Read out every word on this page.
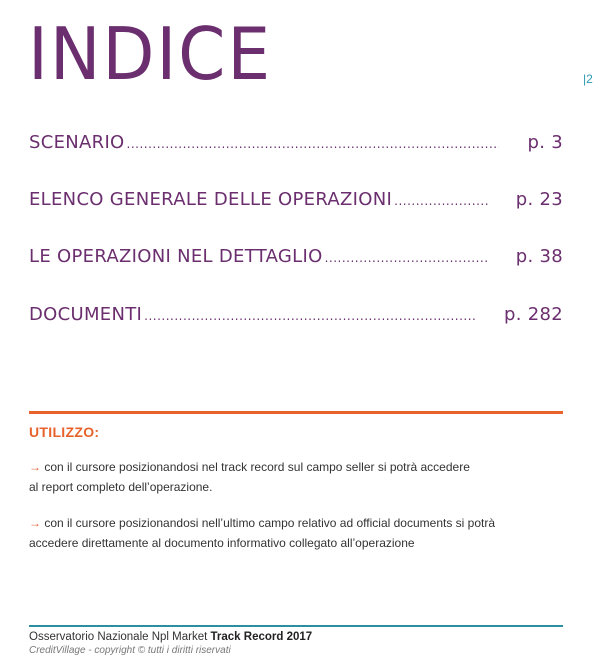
INDICE	|2
SCENARIO .....	p. 3
ELENCO GENERALE DELLE OPERAZIONI .....	p. 23
LE OPERAZIONI NEL DETTAGLIO .....	p. 38
DOCUMENTI .....	p. 282
UTILIZZO:
→ con il cursore posizionandosi nel track record sul campo seller si potrà accedere
al report completo dell’operazione.
→ con il cursore posizionandosi nell’ultimo campo relativo ad official documents si potrà
accedere direttamente al documento informativo collegato all’operazione
Osservatorio Nazionale Npl Market Track Record 2017
CreditVillage - copyright © tutti i diritti riservati
